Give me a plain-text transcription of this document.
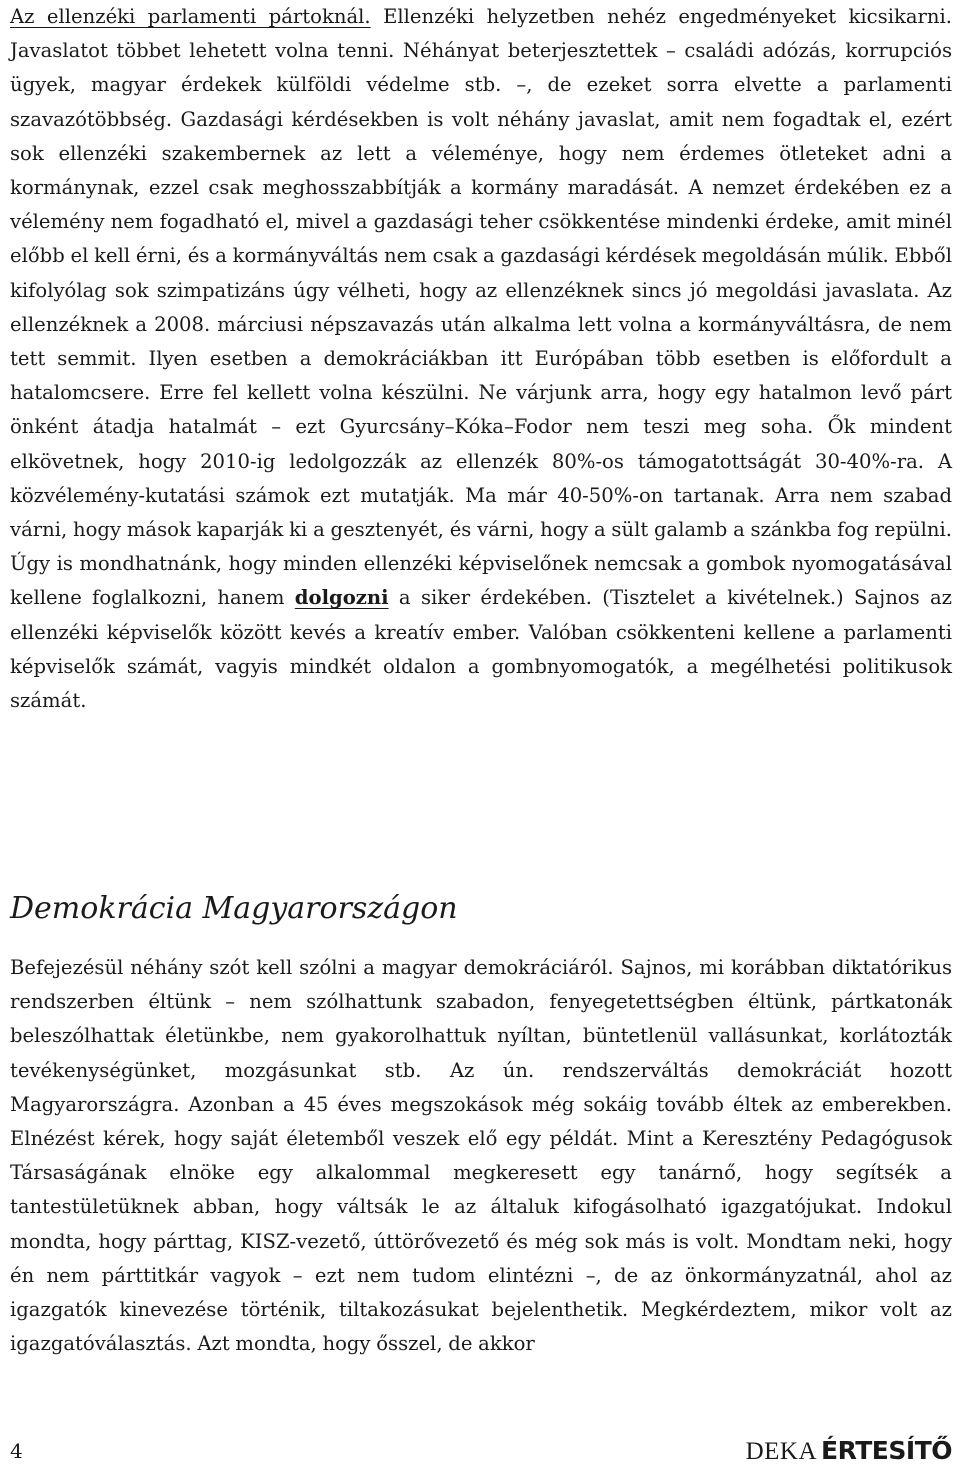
Az ellenzéki parlamenti pártoknál. Ellenzéki helyzetben nehéz engedményeket kicsikarni. Javaslatot többet lehetett volna tenni. Néhányat beterjesztettek – családi adózás, korrupciós ügyek, magyar érdekek külföldi védelme stb. –, de ezeket sorra elvette a parlamenti szavazótöbbség. Gazdasági kérdésekben is volt néhány javaslat, amit nem fogadtak el, ezért sok ellenzéki szakembernek az lett a véleménye, hogy nem érdemes ötleteket adni a kormánynak, ezzel csak meghosszabbítják a kormány maradását. A nemzet érdekében ez a vélemény nem fogadható el, mivel a gazdasági teher csökkentése mindenki érdeke, amit minél előbb el kell érni, és a kormányváltás nem csak a gazdasági kérdések megoldásán múlik. Ebből kifolyólag sok szimpatizáns úgy vélheti, hogy az ellenzéknek sincs jó megoldási javaslata. Az ellenzéknek a 2008. márciusi népszavazás után alkalma lett volna a kormányváltásra, de nem tett semmit. Ilyen esetben a demokráciákban itt Európában több esetben is előfordult a hatalomcsere. Erre fel kellett volna készülni. Ne várjunk arra, hogy egy hatalmon levő párt önként átadja hatalmát – ezt Gyurcsány–Kóka–Fodor nem teszi meg soha. Ők mindent elkövetnek, hogy 2010-ig ledolgozzák az ellenzék 80%-os támogatottságát 30-40%-ra. A közvélemény-kutatási számok ezt mutatják. Ma már 40-50%-on tartanak. Arra nem szabad várni, hogy mások kaparják ki a gesztenyét, és várni, hogy a sült galamb a szánkba fog repülni. Úgy is mondhatnánk, hogy minden ellenzéki képviselőnek nemcsak a gombok nyomogatásával kellene foglalkozni, hanem dolgozni a siker érdekében. (Tisztelet a kivételnek.) Sajnos az ellenzéki képviselők között kevés a kreatív ember. Valóban csökkenteni kellene a parlamenti képviselők számát, vagyis mindkét oldalon a gombnyomogatók, a megélhetési politikusok számát.

Demokrácia Magyarországon

Befejezésül néhány szót kell szólni a magyar demokráciáról. Sajnos, mi korábban diktatórikus rendszerben éltünk – nem szólhattunk szabadon, fenyegetettségben éltünk, pártkatonák beleszólhattak életünkbe, nem gyakorolhattuk nyíltan, büntetlenül vallásunkat, korlátozták tevékenységünket, mozgásunkat stb. Az ún. rendszerváltás demokráciát hozott Magyarországra. Azonban a 45 éves megszokások még sokáig tovább éltek az emberekben. Elnézést kérek, hogy saját életemből veszek elő egy példát. Mint a Keresztény Pedagógusok Társaságának elnöke egy alkalommal megkeresett egy tanárnő, hogy segítsék a tantestületüknek abban, hogy váltsák le az általuk kifogásolható igazgatójukat. Indokul mondta, hogy párttag, KISZ-vezető, úttörővezető és még sok más is volt. Mondtam neki, hogy én nem párttitkár vagyok – ezt nem tudom elintézni –, de az önkormányzatnál, ahol az igazgatók kinevezése történik, tiltakozásukat bejelenthetik. Megkérdeztem, mikor volt az igazgatóválasztás. Azt mondta, hogy ősszel, de akkor

4	DEKA ÉRTESÍTŐ
